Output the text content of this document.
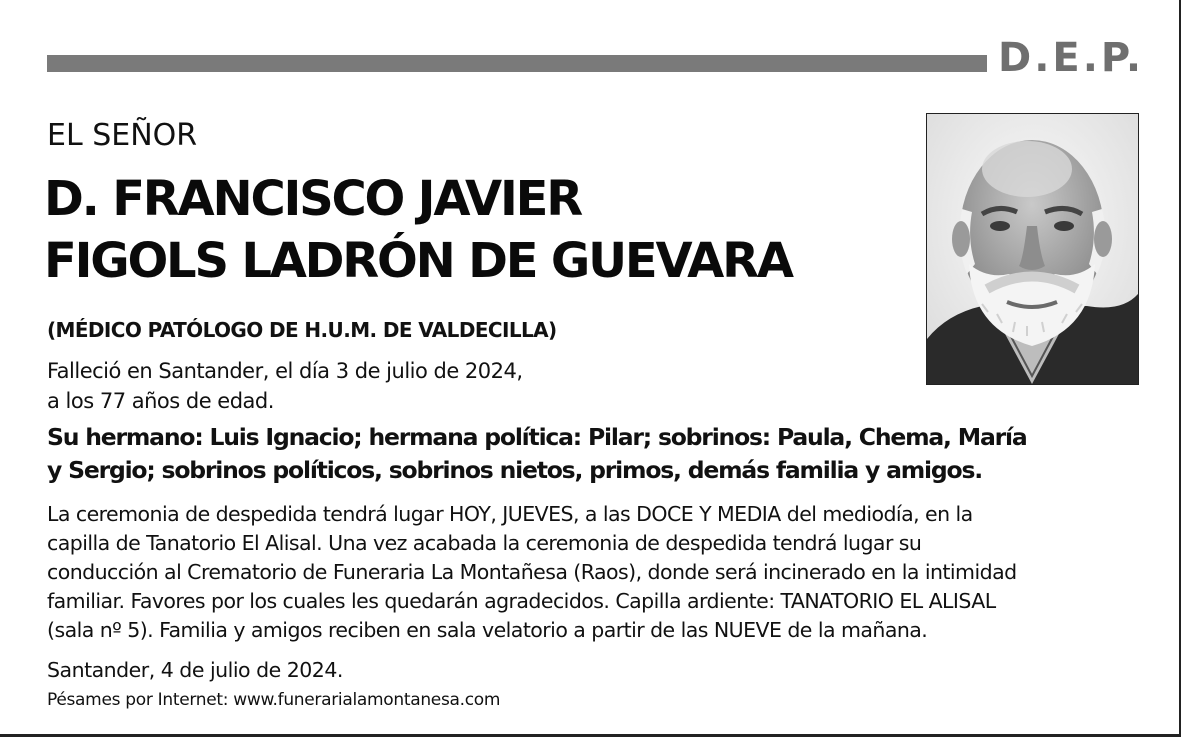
D.E.P.
EL SEÑOR
D. FRANCISCO JAVIER
FIGOLS LADRÓN DE GUEVARA
(MÉDICO PATÓLOGO DE H.U.M. DE VALDECILLA)
Falleció en Santander, el día 3 de julio de 2024,
a los 77 años de edad.
Su hermano: Luis Ignacio; hermana política: Pilar; sobrinos: Paula, Chema, María
y Sergio; sobrinos políticos, sobrinos nietos, primos, demás familia y amigos.
La ceremonia de despedida tendrá lugar HOY, JUEVES, a las DOCE Y MEDIA del mediodía, en la
capilla de Tanatorio El Alisal. Una vez acabada la ceremonia de despedida tendrá lugar su
conducción al Crematorio de Funeraria La Montañesa (Raos), donde será incinerado en la intimidad
familiar. Favores por los cuales les quedarán agradecidos. Capilla ardiente: TANATORIO EL ALISAL
(sala nº 5). Familia y amigos reciben en sala velatorio a partir de las NUEVE de la mañana.
Santander, 4 de julio de 2024.
Pésames por Internet: www.funerarialamontanesa.com
